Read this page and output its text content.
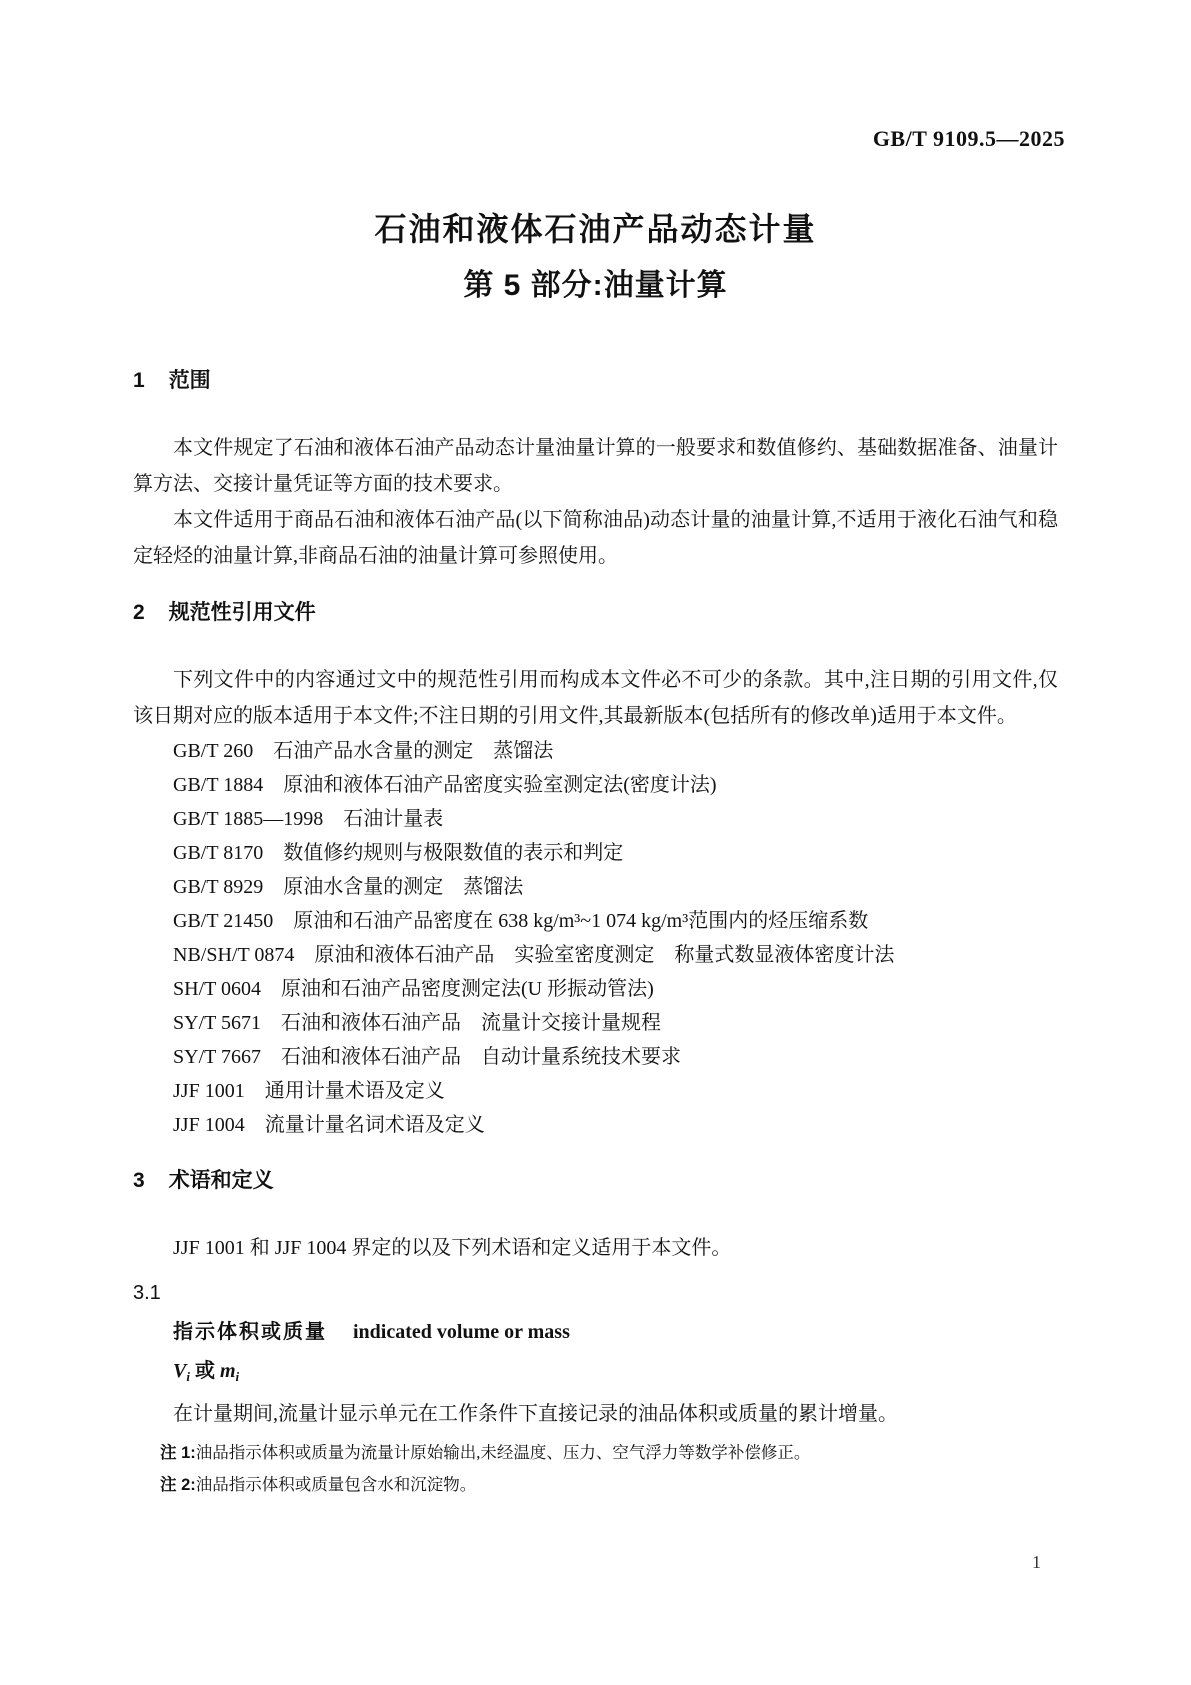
GB/T 9109.5—2025
石油和液体石油产品动态计量
第 5 部分:油量计算
1 范围

本文件规定了石油和液体石油产品动态计量油量计算的一般要求和数值修约、基础数据准备、油量计算方法、交接计量凭证等方面的技术要求。

本文件适用于商品石油和液体石油产品(以下简称油品)动态计量的油量计算,不适用于液化石油气和稳定轻烃的油量计算,非商品石油的油量计算可参照使用。

2 规范性引用文件

下列文件中的内容通过文中的规范性引用而构成本文件必不可少的条款。其中,注日期的引用文件,仅该日期对应的版本适用于本文件;不注日期的引用文件,其最新版本(包括所有的修改单)适用于本文件。

GB/T 260　石油产品水含量的测定　蒸馏法
GB/T 1884　原油和液体石油产品密度实验室测定法(密度计法)
GB/T 1885—1998　石油计量表
GB/T 8170　数值修约规则与极限数值的表示和判定
GB/T 8929　原油水含量的测定　蒸馏法
GB/T 21450　原油和石油产品密度在 638 kg/m³~1 074 kg/m³范围内的烃压缩系数
NB/SH/T 0874　原油和液体石油产品　实验室密度测定　称量式数显液体密度计法
SH/T 0604　原油和石油产品密度测定法(U 形振动管法)
SY/T 5671　石油和液体石油产品　流量计交接计量规程
SY/T 7667　石油和液体石油产品　自动计量系统技术要求
JJF 1001　通用计量术语及定义
JJF 1004　流量计量名词术语及定义
3 术语和定义

JJF 1001 和 JJF 1004 界定的以及下列术语和定义适用于本文件。

3.1

指示体积或质量 indicated volume or mass

$V_i$ 或 $m_i$

在计量期间,流量计显示单元在工作条件下直接记录的油品体积或质量的累计增量。

注 1:油品指示体积或质量为流量计原始输出,未经温度、压力、空气浮力等数学补偿修正。

注 2:油品指示体积或质量包含水和沉淀物。

1
